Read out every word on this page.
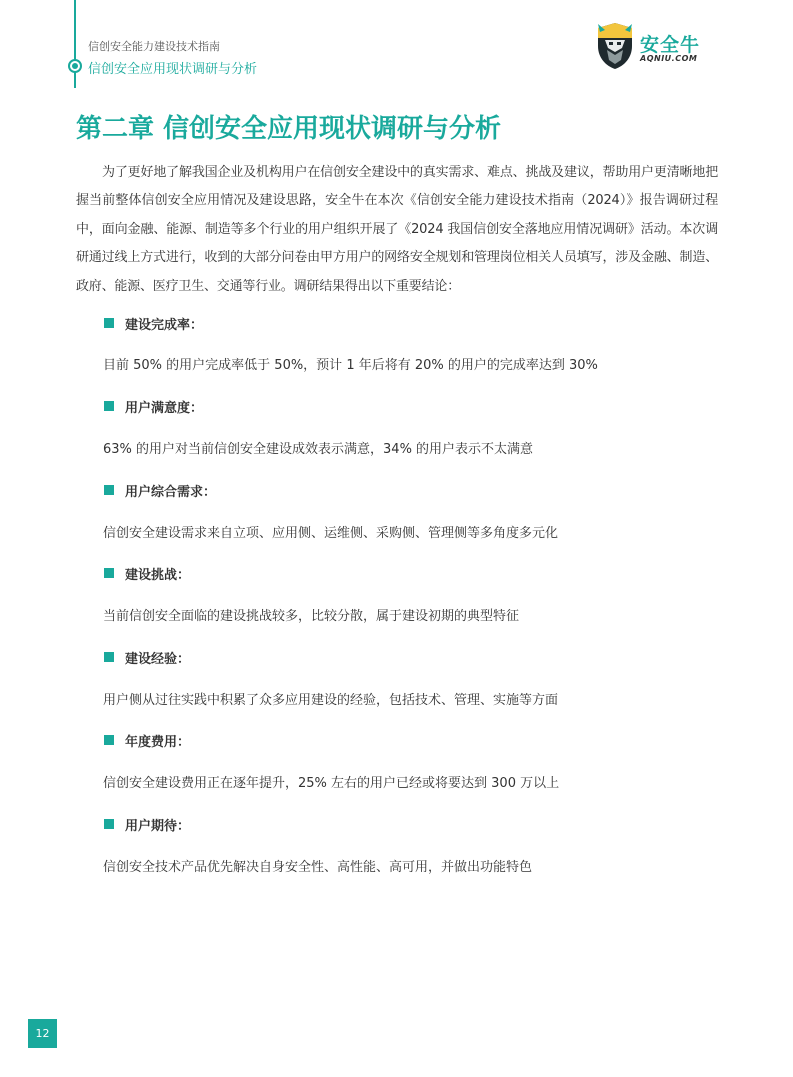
信创安全能力建设技术指南
信创安全应用现状调研与分析
安全牛
AQNIU.COM
第二章 信创安全应用现状调研与分析

为了更好地了解我国企业及机构用户在信创安全建设中的真实需求、难点、挑战及建议，帮助用户更清晰地把握当前整体信创安全应用情况及建设思路，安全牛在本次《信创安全能力建设技术指南（2024）》报告调研过程中，面向金融、能源、制造等多个行业的用户组织开展了《2024 我国信创安全落地应用情况调研》活动。本次调研通过线上方式进行，收到的大部分问卷由甲方用户的网络安全规划和管理岗位相关人员填写，涉及金融、制造、政府、能源、医疗卫生、交通等行业。调研结果得出以下重要结论：

建设完成率：
目前 50% 的用户完成率低于 50%，预计 1 年后将有 20% 的用户的完成率达到 30%
用户满意度：
63% 的用户对当前信创安全建设成效表示满意，34% 的用户表示不太满意
用户综合需求：
信创安全建设需求来自立项、应用侧、运维侧、采购侧、管理侧等多角度多元化
建设挑战：
当前信创安全面临的建设挑战较多，比较分散，属于建设初期的典型特征
建设经验：
用户侧从过往实践中积累了众多应用建设的经验，包括技术、管理、实施等方面
年度费用：
信创安全建设费用正在逐年提升，25% 左右的用户已经或将要达到 300 万以上
用户期待：
信创安全技术产品优先解决自身安全性、高性能、高可用，并做出功能特色
12
